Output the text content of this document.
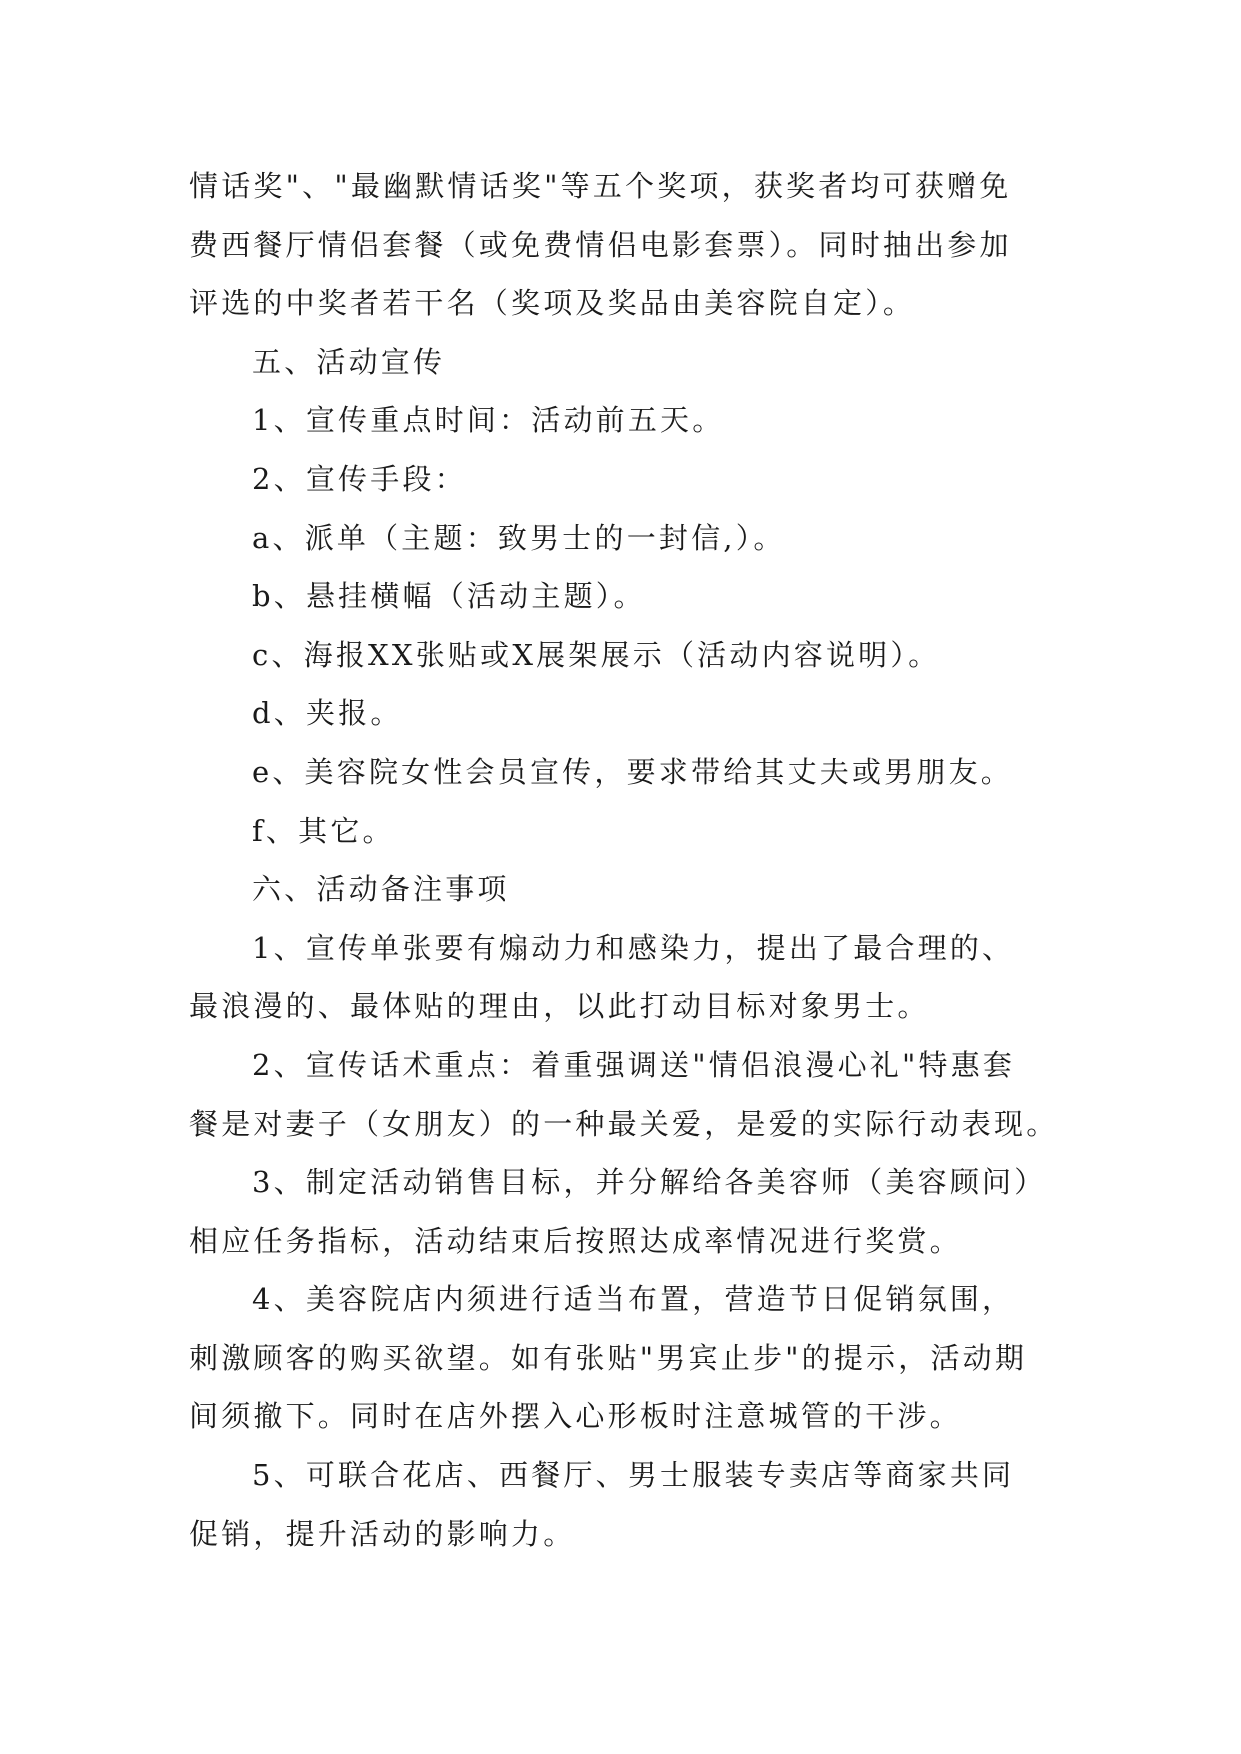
情话奖"、"最幽默情话奖"等五个奖项，获奖者均可获赠免
费西餐厅情侣套餐（或免费情侣电影套票）。同时抽出参加
评选的中奖者若干名（奖项及奖品由美容院自定）。
五、活动宣传
1、宣传重点时间：活动前五天。
2、宣传手段：
a、派单（主题：致男士的一封信,）。
b、悬挂横幅（活动主题）。
c、海报XX张贴或X展架展示（活动内容说明）。
d、夹报。
e、美容院女性会员宣传，要求带给其丈夫或男朋友。
f、其它。
六、活动备注事项
1、宣传单张要有煽动力和感染力，提出了最合理的、
最浪漫的、最体贴的理由，以此打动目标对象男士。
2、宣传话术重点：着重强调送"情侣浪漫心礼"特惠套
餐是对妻子（女朋友）的一种最关爱，是爱的实际行动表现。
3、制定活动销售目标，并分解给各美容师（美容顾问）
相应任务指标，活动结束后按照达成率情况进行奖赏。
4、美容院店内须进行适当布置，营造节日促销氛围，
刺激顾客的购买欲望。如有张贴"男宾止步"的提示，活动期
间须撤下。同时在店外摆入心形板时注意城管的干涉。
5、可联合花店、西餐厅、男士服装专卖店等商家共同
促销，提升活动的影响力。
